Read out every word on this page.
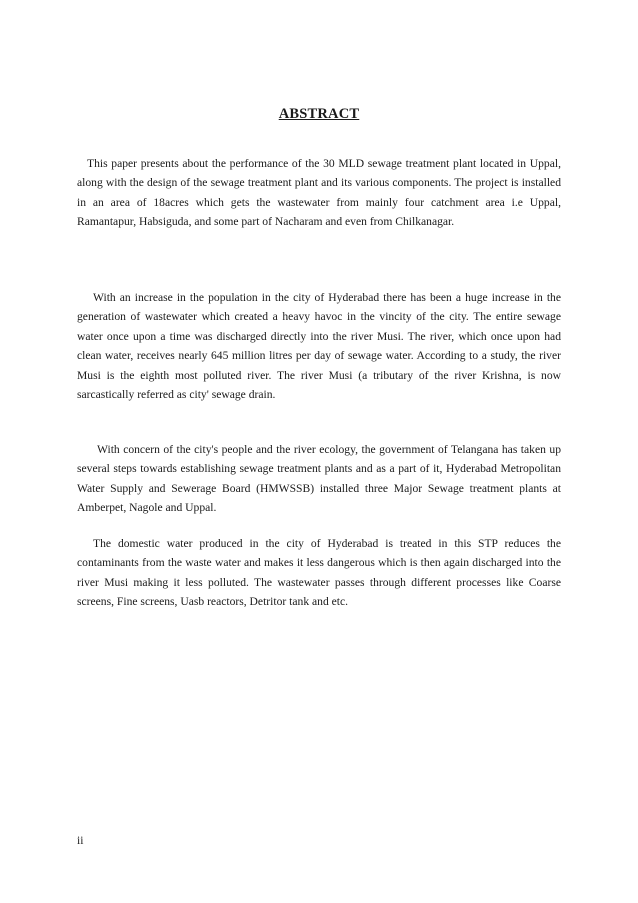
ABSTRACT

This paper presents about the performance of the 30 MLD sewage treatment plant located in Uppal, along with the design of the sewage treatment plant and its various components. The project is installed in an area of 18acres which gets the wastewater from mainly four catchment area i.e Uppal, Ramantapur, Habsiguda, and some part of Nacharam and even from Chilkanagar.

With an increase in the population in the city of Hyderabad there has been a huge increase in the generation of wastewater which created a heavy havoc in the vincity of the city. The entire sewage water once upon a time was discharged directly into the river Musi. The river, which once upon had clean water, receives nearly 645 million litres per day of sewage water. According to a study, the river Musi is the eighth most polluted river. The river Musi (a tributary of the river Krishna, is now sarcastically referred as city' sewage drain.

With concern of the city's people and the river ecology, the government of Telangana has taken up several steps towards establishing sewage treatment plants and as a part of it, Hyderabad Metropolitan Water Supply and Sewerage Board (HMWSSB) installed three Major Sewage treatment plants at Amberpet, Nagole and Uppal.

The domestic water produced in the city of Hyderabad is treated in this STP reduces the contaminants from the waste water and makes it less dangerous which is then again discharged into the river Musi making it less polluted. The wastewater passes through different processes like Coarse screens, Fine screens, Uasb reactors, Detritor tank and etc.

ii
